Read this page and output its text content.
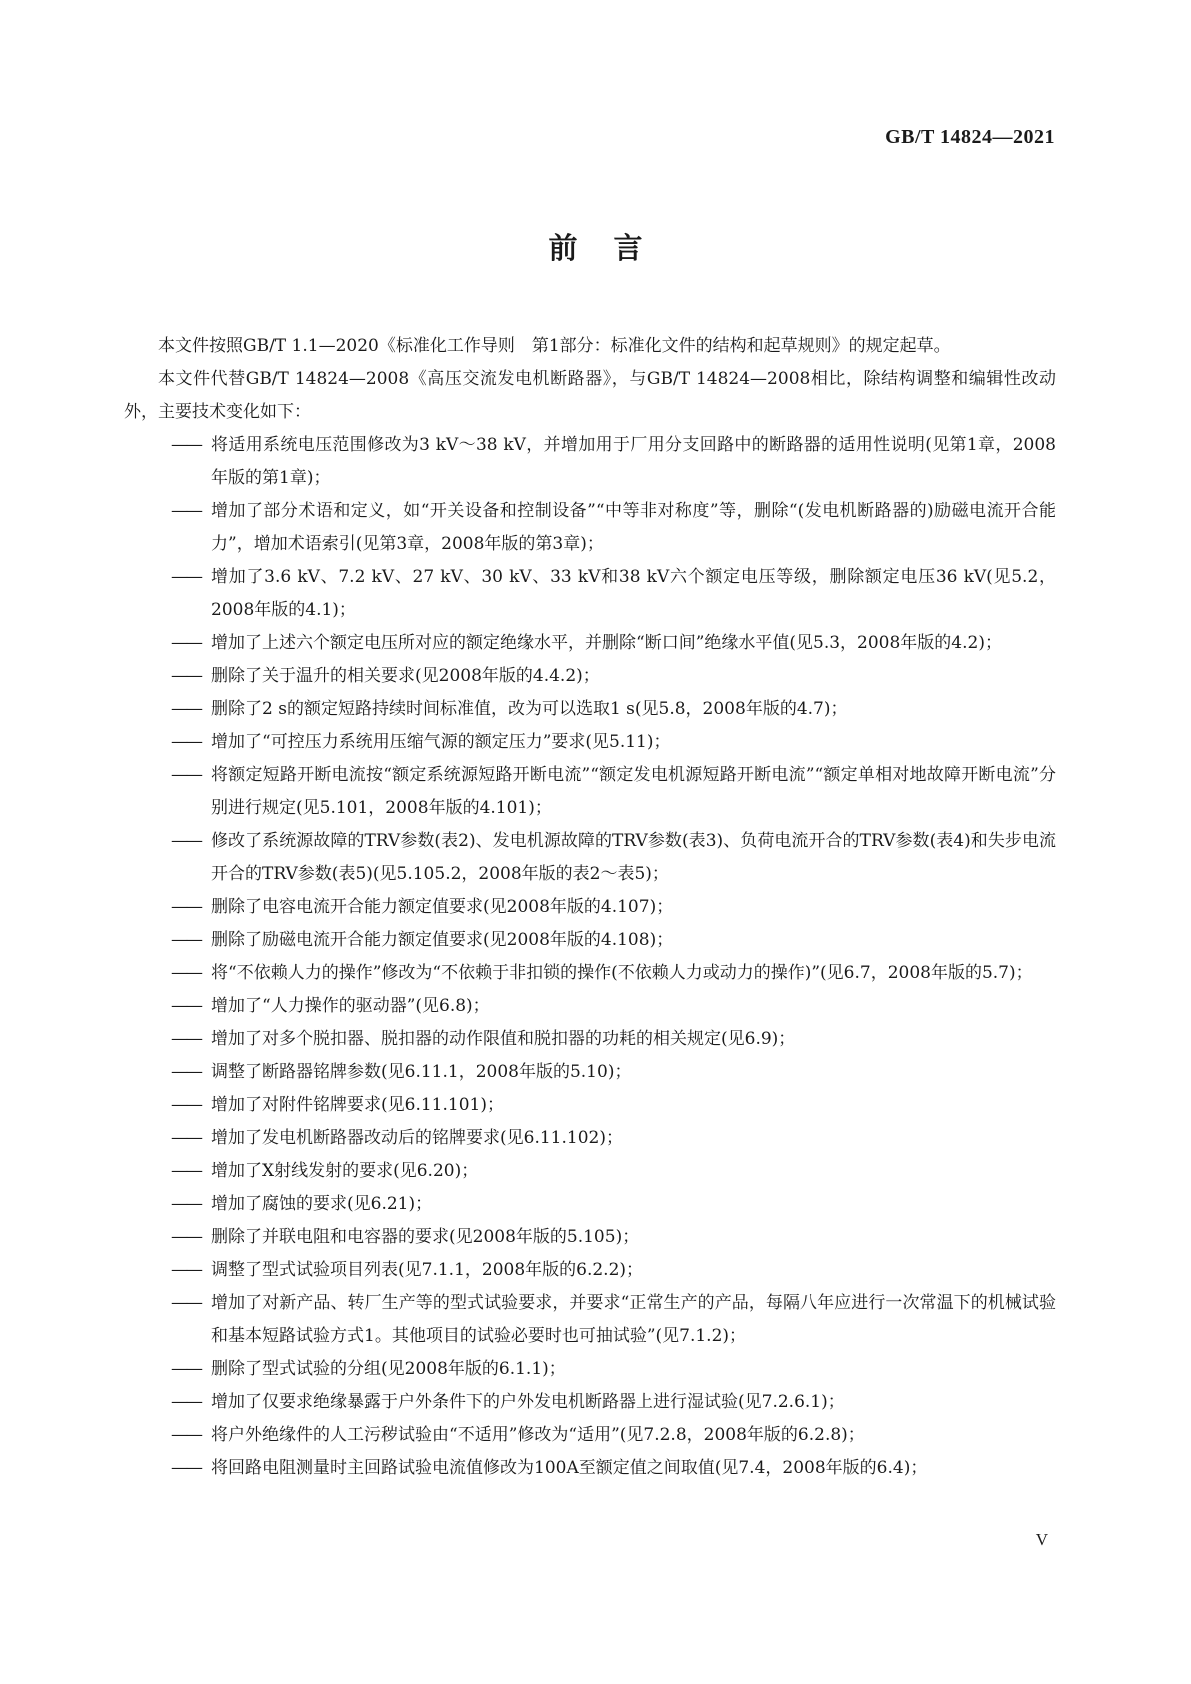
GB/T 14824—2021
前言

本文件按照GB/T 1.1—2020《标准化工作导则　第1部分：标准化文件的结构和起草规则》的规定起草。

本文件代替GB/T 14824—2008《高压交流发电机断路器》，与GB/T 14824—2008相比，除结构调整和编辑性改动外，主要技术变化如下：

—— 将适用系统电压范围修改为3 kV～38 kV，并增加用于厂用分支回路中的断路器的适用性说明(见第1章，2008年版的第1章)；

—— 增加了部分术语和定义，如“开关设备和控制设备”“中等非对称度”等，删除“(发电机断路器的)励磁电流开合能力”，增加术语索引(见第3章，2008年版的第3章)；

—— 增加了3.6 kV、7.2 kV、27 kV、30 kV、33 kV和38 kV六个额定电压等级，删除额定电压36 kV(见5.2，2008年版的4.1)；

—— 增加了上述六个额定电压所对应的额定绝缘水平，并删除“断口间”绝缘水平值(见5.3，2008年版的4.2)；

—— 删除了关于温升的相关要求(见2008年版的4.4.2)；

—— 删除了2 s的额定短路持续时间标准值，改为可以选取1 s(见5.8，2008年版的4.7)；

—— 增加了“可控压力系统用压缩气源的额定压力”要求(见5.11)；

—— 将额定短路开断电流按“额定系统源短路开断电流”“额定发电机源短路开断电流”“额定单相对地故障开断电流”分别进行规定(见5.101，2008年版的4.101)；

—— 修改了系统源故障的TRV参数(表2)、发电机源故障的TRV参数(表3)、负荷电流开合的TRV参数(表4)和失步电流开合的TRV参数(表5)(见5.105.2，2008年版的表2～表5)；

—— 删除了电容电流开合能力额定值要求(见2008年版的4.107)；

—— 删除了励磁电流开合能力额定值要求(见2008年版的4.108)；

—— 将“不依赖人力的操作”修改为“不依赖于非扣锁的操作(不依赖人力或动力的操作)”(见6.7，2008年版的5.7)；

—— 增加了“人力操作的驱动器”(见6.8)；

—— 增加了对多个脱扣器、脱扣器的动作限值和脱扣器的功耗的相关规定(见6.9)；

—— 调整了断路器铭牌参数(见6.11.1，2008年版的5.10)；

—— 增加了对附件铭牌要求(见6.11.101)；

—— 增加了发电机断路器改动后的铭牌要求(见6.11.102)；

—— 增加了X射线发射的要求(见6.20)；

—— 增加了腐蚀的要求(见6.21)；

—— 删除了并联电阻和电容器的要求(见2008年版的5.105)；

—— 调整了型式试验项目列表(见7.1.1，2008年版的6.2.2)；

—— 增加了对新产品、转厂生产等的型式试验要求，并要求“正常生产的产品，每隔八年应进行一次常温下的机械试验和基本短路试验方式1。其他项目的试验必要时也可抽试验”(见7.1.2)；

—— 删除了型式试验的分组(见2008年版的6.1.1)；

—— 增加了仅要求绝缘暴露于户外条件下的户外发电机断路器上进行湿试验(见7.2.6.1)；

—— 将户外绝缘件的人工污秽试验由“不适用”修改为“适用”(见7.2.8，2008年版的6.2.8)；

—— 将回路电阻测量时主回路试验电流值修改为100A至额定值之间取值(见7.4，2008年版的6.4)；

V
